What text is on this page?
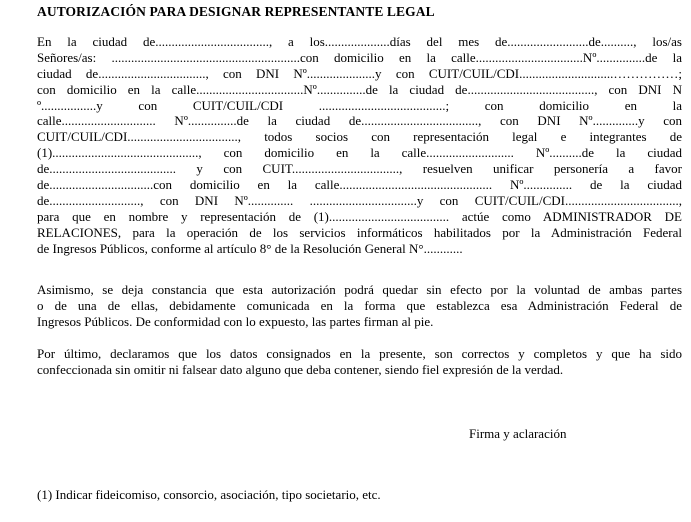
AUTORIZACIÓN PARA DESIGNAR REPRESENTANTE LEGAL
En la ciudad de..................................., a los....................días del mes de.........................de.........., los/as
Señores/as: ..........................................................con domicilio en la calle.................................Nº...............de la
ciudad de................................., con DNI Nº.....................y con CUIT/CUIL/CDI.............................……………;
con domicilio en la calle.................................Nº...............de la ciudad de......................................., con DNI N
º.................y con CUIT/CUIL/CDI .......................................; con domicilio en la
calle............................. Nº...............de la ciudad de...................................., con DNI Nº..............y con
CUIT/CUIL/CDI.................................., todos socios con representación legal e integrantes de
(1)............................................., con domicilio en la calle........................... Nº..........de la ciudad
de....................................... y con CUIT................................., resuelven unificar personería a favor
de................................con domicilio en la calle............................................... Nº............... de la ciudad
de............................, con DNI Nº.............. .................................y con CUIT/CUIL/CDI...................................,
para que en nombre y representación de (1)..................................... actúe como ADMINISTRADOR DE
RELACIONES, para la operación de los servicios informáticos habilitados por la Administración Federal
de Ingresos Públicos, conforme al artículo 8° de la Resolución General N°............
Asimismo, se deja constancia que esta autorización podrá quedar sin efecto por la voluntad de ambas partes
o de una de ellas, debidamente comunicada en la forma que establezca esa Administración Federal de
Ingresos Públicos. De conformidad con lo expuesto, las partes firman al pie.
Por último, declaramos que los datos consignados en la presente, son correctos y completos y que ha sido
confeccionada sin omitir ni falsear dato alguno que deba contener, siendo fiel expresión de la verdad.
Firma y aclaración
(1) Indicar fideicomiso, consorcio, asociación, tipo societario, etc.
